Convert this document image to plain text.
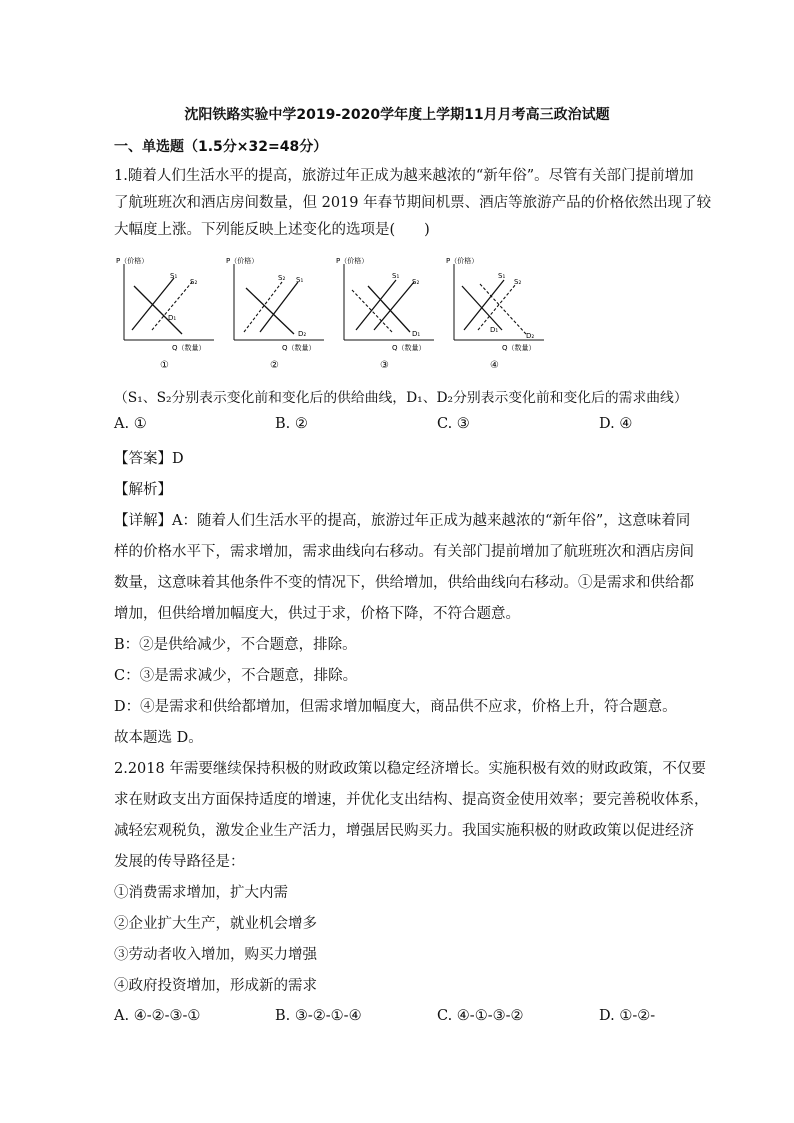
沈阳铁路实验中学2019-2020学年度上学期11月月考高三政治试题
一、单选题（1.5分×32=48分）
1.随着人们生活水平的提高，旅游过年正成为越来越浓的“新年俗”。尽管有关部门提前增加
了航班班次和酒店房间数量，但 2019 年春节期间机票、酒店等旅游产品的价格依然出现了较
大幅度上涨。下列能反映上述变化的选项是(　　)
P（价格）
Q（数量）
S₁
S₂
D₁
①
P（价格）
Q（数量）
S₂ S₁
D₂
②
P（价格）
Q（数量）
S₁
S₂
D₁
③
P（价格）
Q（数量）
S₁
S₂
D₁
D₂
④
（S₁、S₂分别表示变化前和变化后的供给曲线，D₁、D₂分别表示变化前和变化后的需求曲线）
A. ①	B. ②	C. ③	D. ④
【答案】D
【解析】
【详解】A：随着人们生活水平的提高，旅游过年正成为越来越浓的“新年俗”，这意味着同
样的价格水平下，需求增加，需求曲线向右移动。有关部门提前增加了航班班次和酒店房间
数量，这意味着其他条件不变的情况下，供给增加，供给曲线向右移动。①是需求和供给都
增加，但供给增加幅度大，供过于求，价格下降，不符合题意。
B：②是供给减少，不合题意，排除。
C：③是需求减少，不合题意，排除。
D：④是需求和供给都增加，但需求增加幅度大，商品供不应求，价格上升，符合题意。
故本题选 D。
2.2018 年需要继续保持积极的财政政策以稳定经济增长。实施积极有效的财政政策，不仅要
求在财政支出方面保持适度的增速，并优化支出结构、提高资金使用效率；要完善税收体系，
减轻宏观税负，激发企业生产活力，增强居民购买力。我国实施积极的财政政策以促进经济
发展的传导路径是：
①消费需求增加，扩大内需
②企业扩大生产，就业机会增多
③劳动者收入增加，购买力增强
④政府投资增加，形成新的需求
A. ④-②-③-①	B. ③-②-①-④	C. ④-①-③-②	D. ①-②-
